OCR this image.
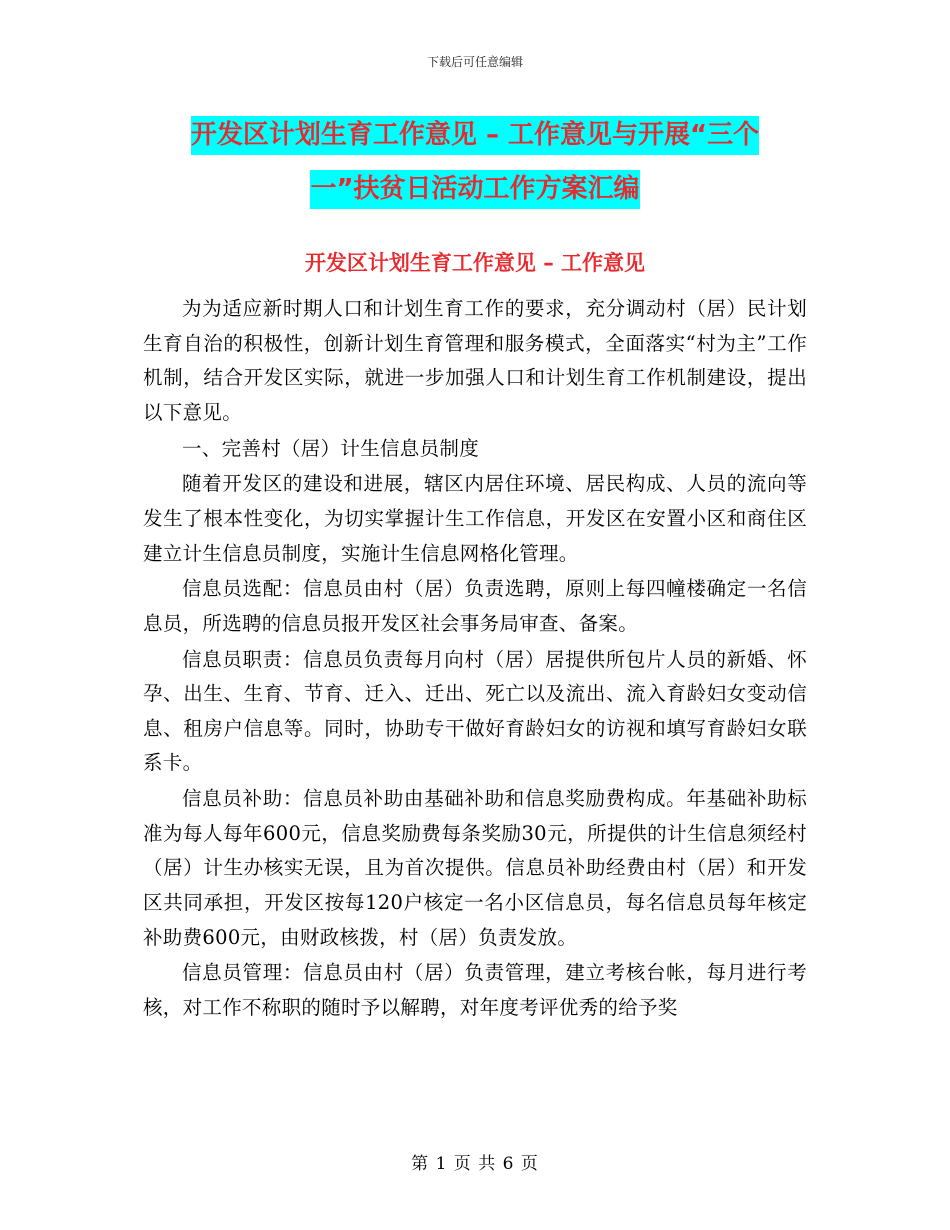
下载后可任意编辑
开发区计划生育工作意见 – 工作意见与开展“三个
一”扶贫日活动工作方案汇编
开发区计划生育工作意见 – 工作意见

为为适应新时期人口和计划生育工作的要求，充分调动村（居）民计划生育自治的积极性，创新计划生育管理和服务模式，全面落实“村为主”工作机制，结合开发区实际，就进一步加强人口和计划生育工作机制建设，提出以下意见。

一、完善村（居）计生信息员制度

随着开发区的建设和进展，辖区内居住环境、居民构成、人员的流向等发生了根本性变化，为切实掌握计生工作信息，开发区在安置小区和商住区建立计生信息员制度，实施计生信息网格化管理。

信息员选配：信息员由村（居）负责选聘，原则上每四幢楼确定一名信息员，所选聘的信息员报开发区社会事务局审查、备案。

信息员职责：信息员负责每月向村（居）居提供所包片人员的新婚、怀孕、出生、生育、节育、迁入、迁出、死亡以及流出、流入育龄妇女变动信息、租房户信息等。同时，协助专干做好育龄妇女的访视和填写育龄妇女联系卡。

信息员补助：信息员补助由基础补助和信息奖励费构成。年基础补助标准为每人每年600元，信息奖励费每条奖励30元，所提供的计生信息须经村（居）计生办核实无误，且为首次提供。信息员补助经费由村（居）和开发区共同承担，开发区按每120户核定一名小区信息员，每名信息员每年核定补助费600元，由财政核拨，村（居）负责发放。

信息员管理：信息员由村（居）负责管理，建立考核台帐，每月进行考核，对工作不称职的随时予以解聘，对年度考评优秀的给予奖

第 1 页 共 6 页
